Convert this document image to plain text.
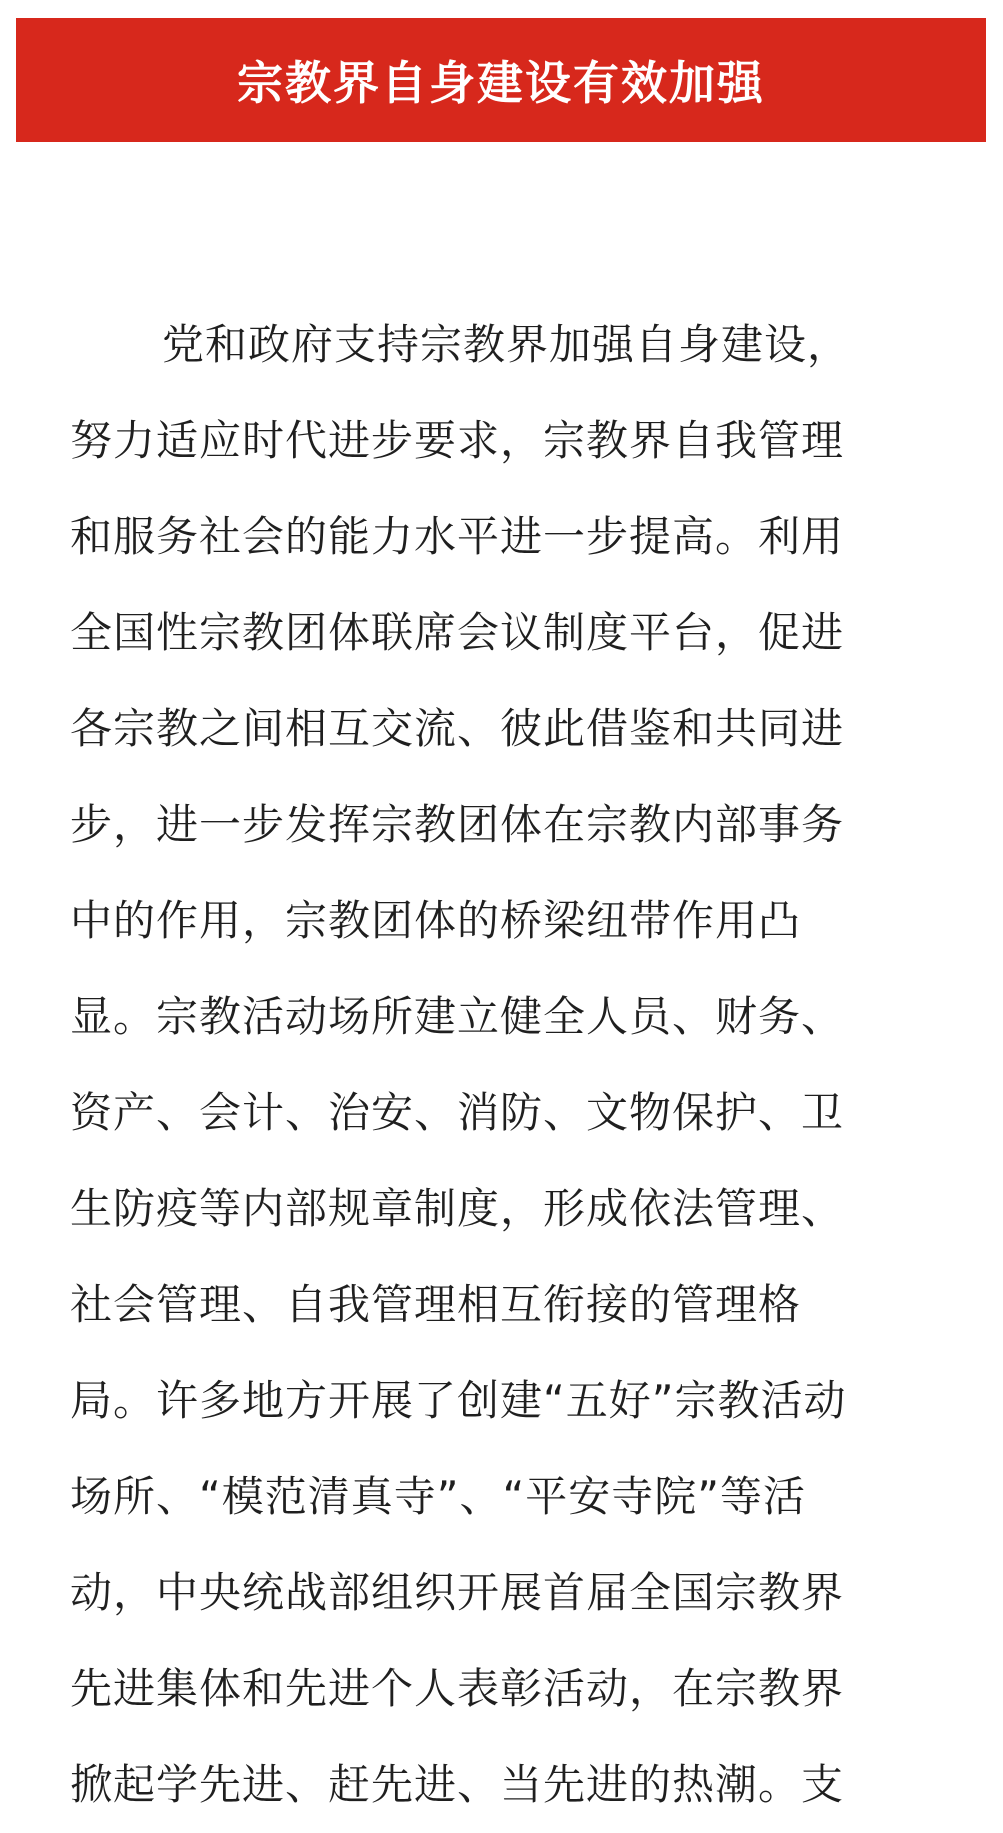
宗教界自身建设有效加强
党和政府支持宗教界加强自身建设，
努力适应时代进步要求，宗教界自我管理
和服务社会的能力水平进一步提高。利用
全国性宗教团体联席会议制度平台，促进
各宗教之间相互交流、彼此借鉴和共同进
步，进一步发挥宗教团体在宗教内部事务
中的作用，宗教团体的桥梁纽带作用凸
显。宗教活动场所建立健全人员、财务、
资产、会计、治安、消防、文物保护、卫
生防疫等内部规章制度，形成依法管理、
社会管理、自我管理相互衔接的管理格
局。许多地方开展了创建“五好”宗教活动
场所、“模范清真寺”、“平安寺院”等活
动，中央统战部组织开展首届全国宗教界
先进集体和先进个人表彰活动，在宗教界
掀起学先进、赶先进、当先进的热潮。支
